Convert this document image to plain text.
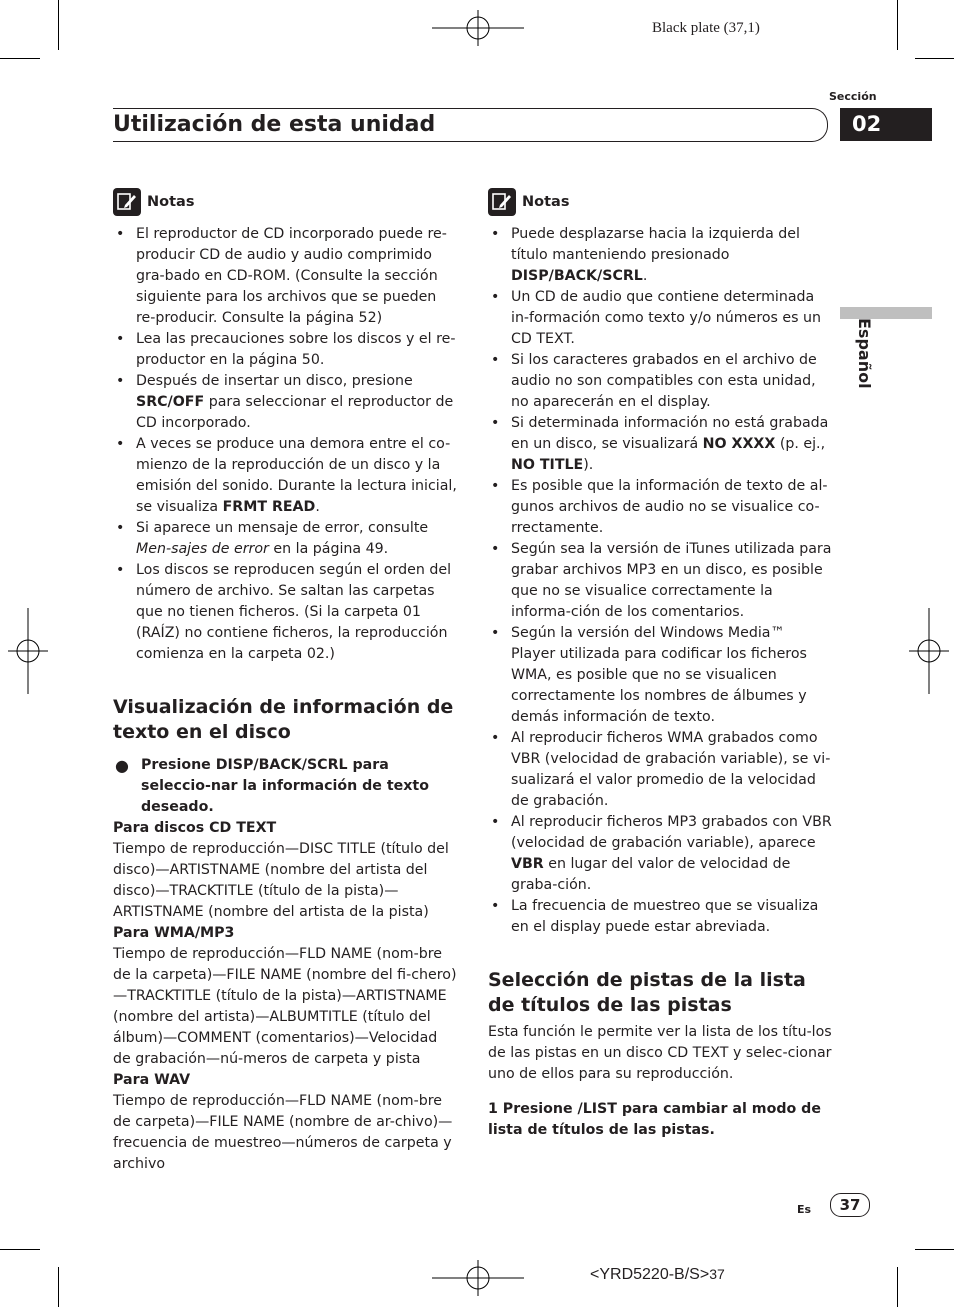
Black plate (37,1)
Sección
Utilización de esta unidad	02
Español
Notas
• El reproductor de CD incorporado puede re-producir CD de audio y audio comprimido gra-bado en CD-ROM. (Consulte la sección siguiente para los archivos que se pueden re-producir. Consulte la página 52)
• Lea las precauciones sobre los discos y el re-productor en la página 50.
• Después de insertar un disco, presione SRC/OFF para seleccionar el reproductor de CD incorporado.
• A veces se produce una demora entre el co-mienzo de la reproducción de un disco y la emisión del sonido. Durante la lectura inicial, se visualiza FRMT READ.
• Si aparece un mensaje de error, consulte Men-sajes de error en la página 49.
• Los discos se reproducen según el orden del número de archivo. Se saltan las carpetas que no tienen ficheros. (Si la carpeta 01 (RAÍZ) no contiene ficheros, la reproducción comienza en la carpeta 02.)
Visualización de información de texto en el disco
● Presione DISP/BACK/SCRL para seleccio-nar la información de texto deseado.
Para discos CD TEXT
Tiempo de reproducción—DISC TITLE (título del disco)—ARTISTNAME (nombre del artista del disco)—TRACKTITLE (título de la pista)—ARTISTNAME (nombre del artista de la pista)
Para WMA/MP3
Tiempo de reproducción—FLD NAME (nom-bre de la carpeta)—FILE NAME (nombre del fi-chero)—TRACKTITLE (título de la pista)—ARTISTNAME (nombre del artista)—ALBUMTITLE (título del álbum)—COMMENT (comentarios)—Velocidad de grabación—nú-meros de carpeta y pista
Para WAV
Tiempo de reproducción—FLD NAME (nom-bre de carpeta)—FILE NAME (nombre de ar-chivo)—frecuencia de muestreo—números de carpeta y archivo
Notas
• Puede desplazarse hacia la izquierda del título manteniendo presionado DISP/BACK/SCRL.
• Un CD de audio que contiene determinada in-formación como texto y/o números es un CD TEXT.
• Si los caracteres grabados en el archivo de audio no son compatibles con esta unidad, no aparecerán en el display.
• Si determinada información no está grabada en un disco, se visualizará NO XXXX (p. ej., NO TITLE).
• Es posible que la información de texto de al-gunos archivos de audio no se visualice co-rrectamente.
• Según sea la versión de iTunes utilizada para grabar archivos MP3 en un disco, es posible que no se visualice correctamente la informa-ción de los comentarios.
• Según la versión del Windows Media™ Player utilizada para codificar los ficheros WMA, es posible que no se visualicen correctamente los nombres de álbumes y demás información de texto.
• Al reproducir ficheros WMA grabados como VBR (velocidad de grabación variable), se vi-sualizará el valor promedio de la velocidad de grabación.
• Al reproducir ficheros MP3 grabados con VBR (velocidad de grabación variable), aparece VBR en lugar del valor de velocidad de graba-ción.
• La frecuencia de muestreo que se visualiza en el display puede estar abreviada.
Selección de pistas de la lista de títulos de las pistas
Esta función le permite ver la lista de los títu-los de las pistas en un disco CD TEXT y selec-cionar uno de ellos para su reproducción.
1 Presione /LIST para cambiar al modo de lista de títulos de las pistas.
Es	37
<YRD5220-B/S>37
